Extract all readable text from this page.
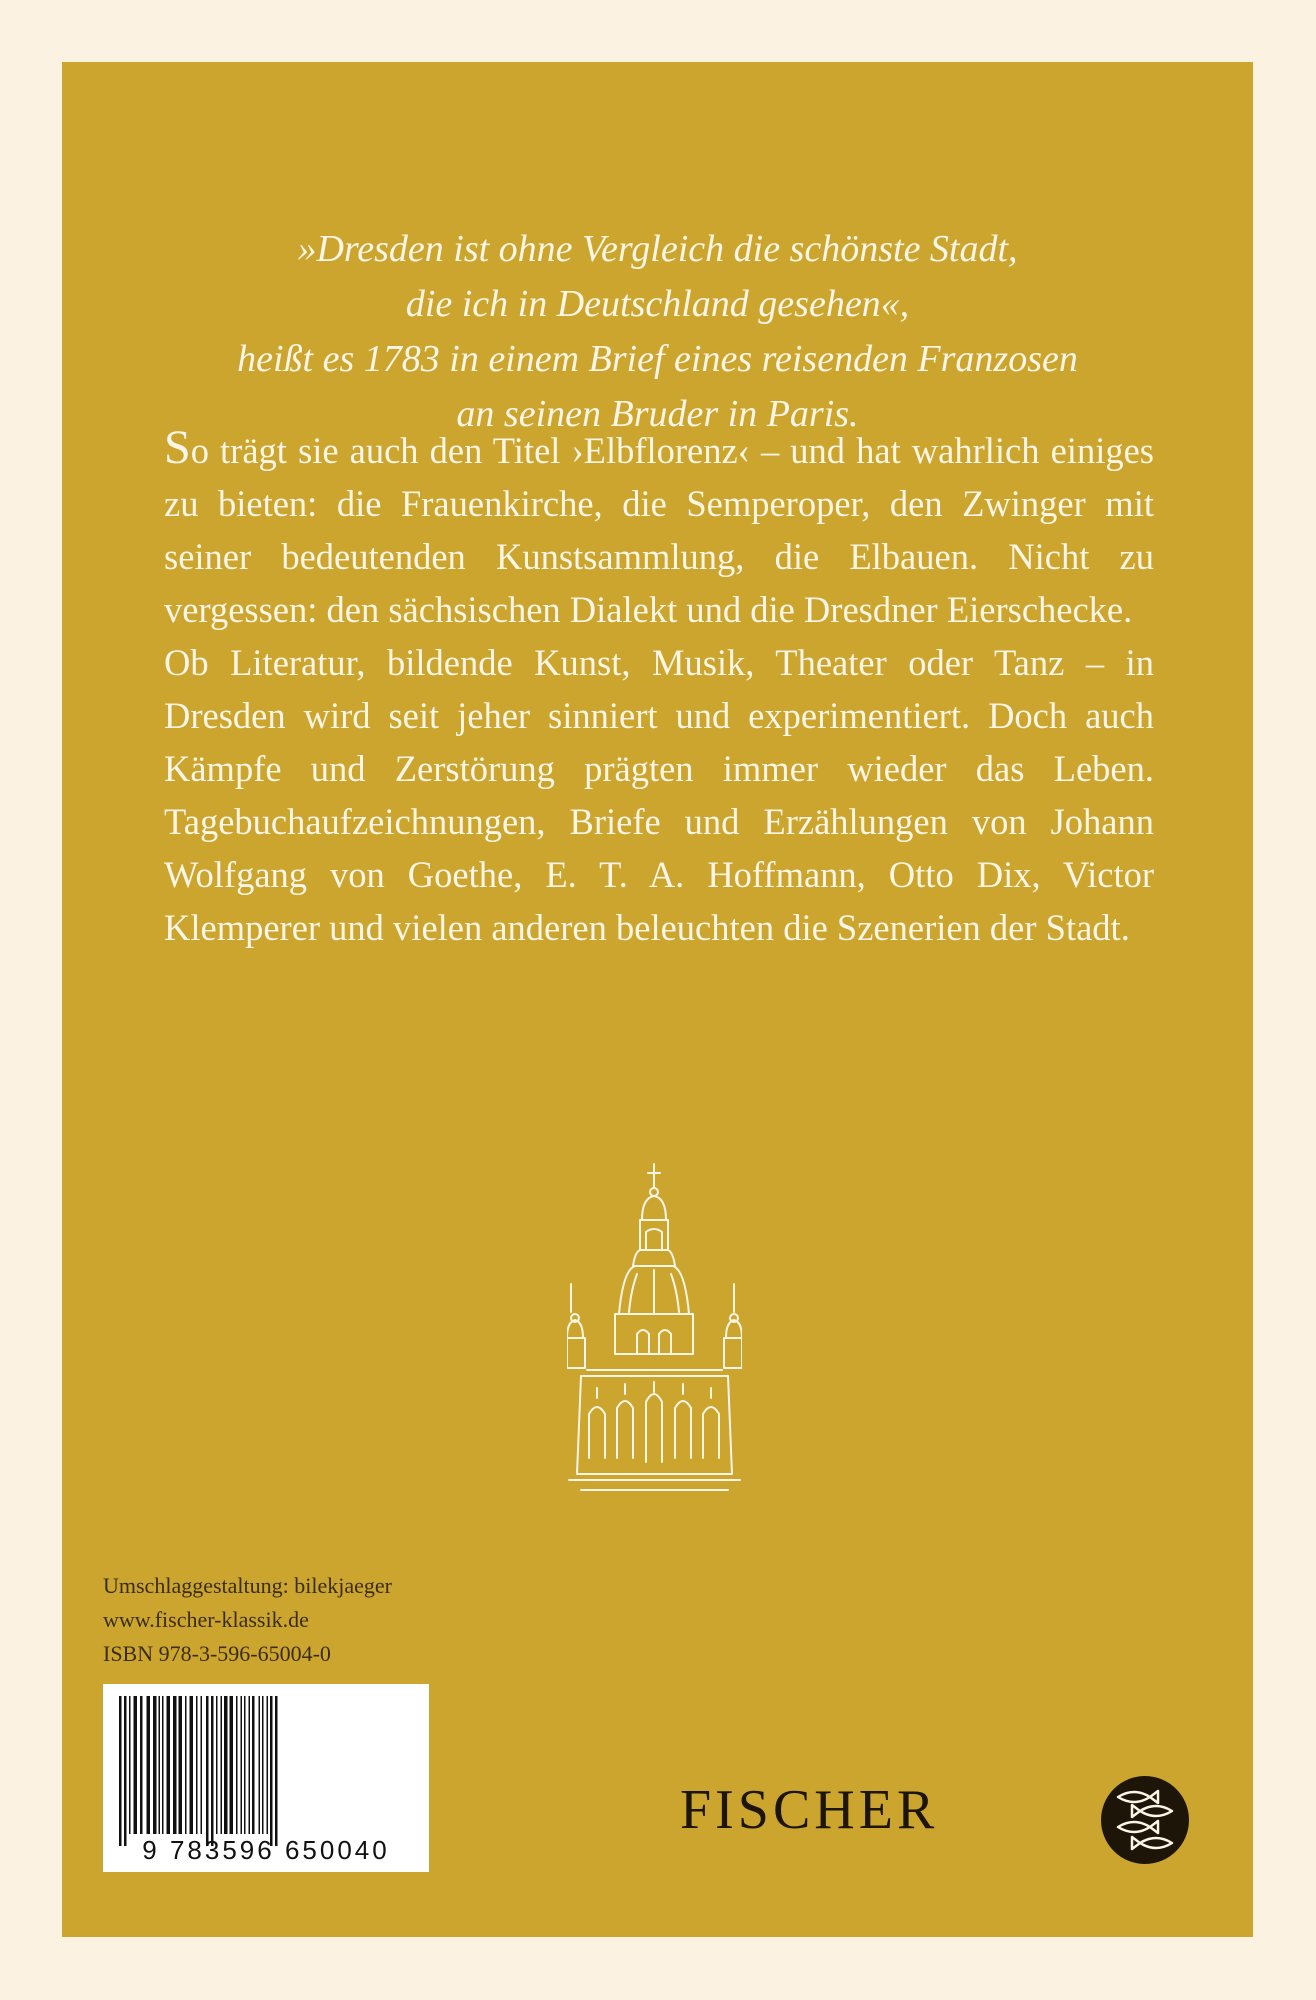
»Dresden ist ohne Vergleich die schönste Stadt,
die ich in Deutschland gesehen«,
heißt es 1783 in einem Brief eines reisenden Franzosen
an seinen Bruder in Paris.

So trägt sie auch den Titel ›Elbflorenz‹ – und hat wahrlich einiges zu bieten: die Frauenkirche, die Semperoper, den Zwinger mit seiner bedeutenden Kunstsammlung, die Elbauen. Nicht zu vergessen: den sächsischen Dialekt und die Dresdner Eierschecke.

Ob Literatur, bildende Kunst, Musik, Theater oder Tanz – in Dresden wird seit jeher sinniert und experimentiert. Doch auch Kämpfe und Zerstörung prägten immer wieder das Leben. Tagebuchaufzeichnungen, Briefe und Erzählungen von Johann Wolfgang von Goethe, E. T. A. Hoffmann, Otto Dix, Victor Klemperer und vielen anderen beleuchten die Szenerien der Stadt.

Umschlaggestaltung: bilekjaeger
www.fischer-klassik.de
ISBN 978-3-596-65004-0
9 783596 650040
FISCHER
